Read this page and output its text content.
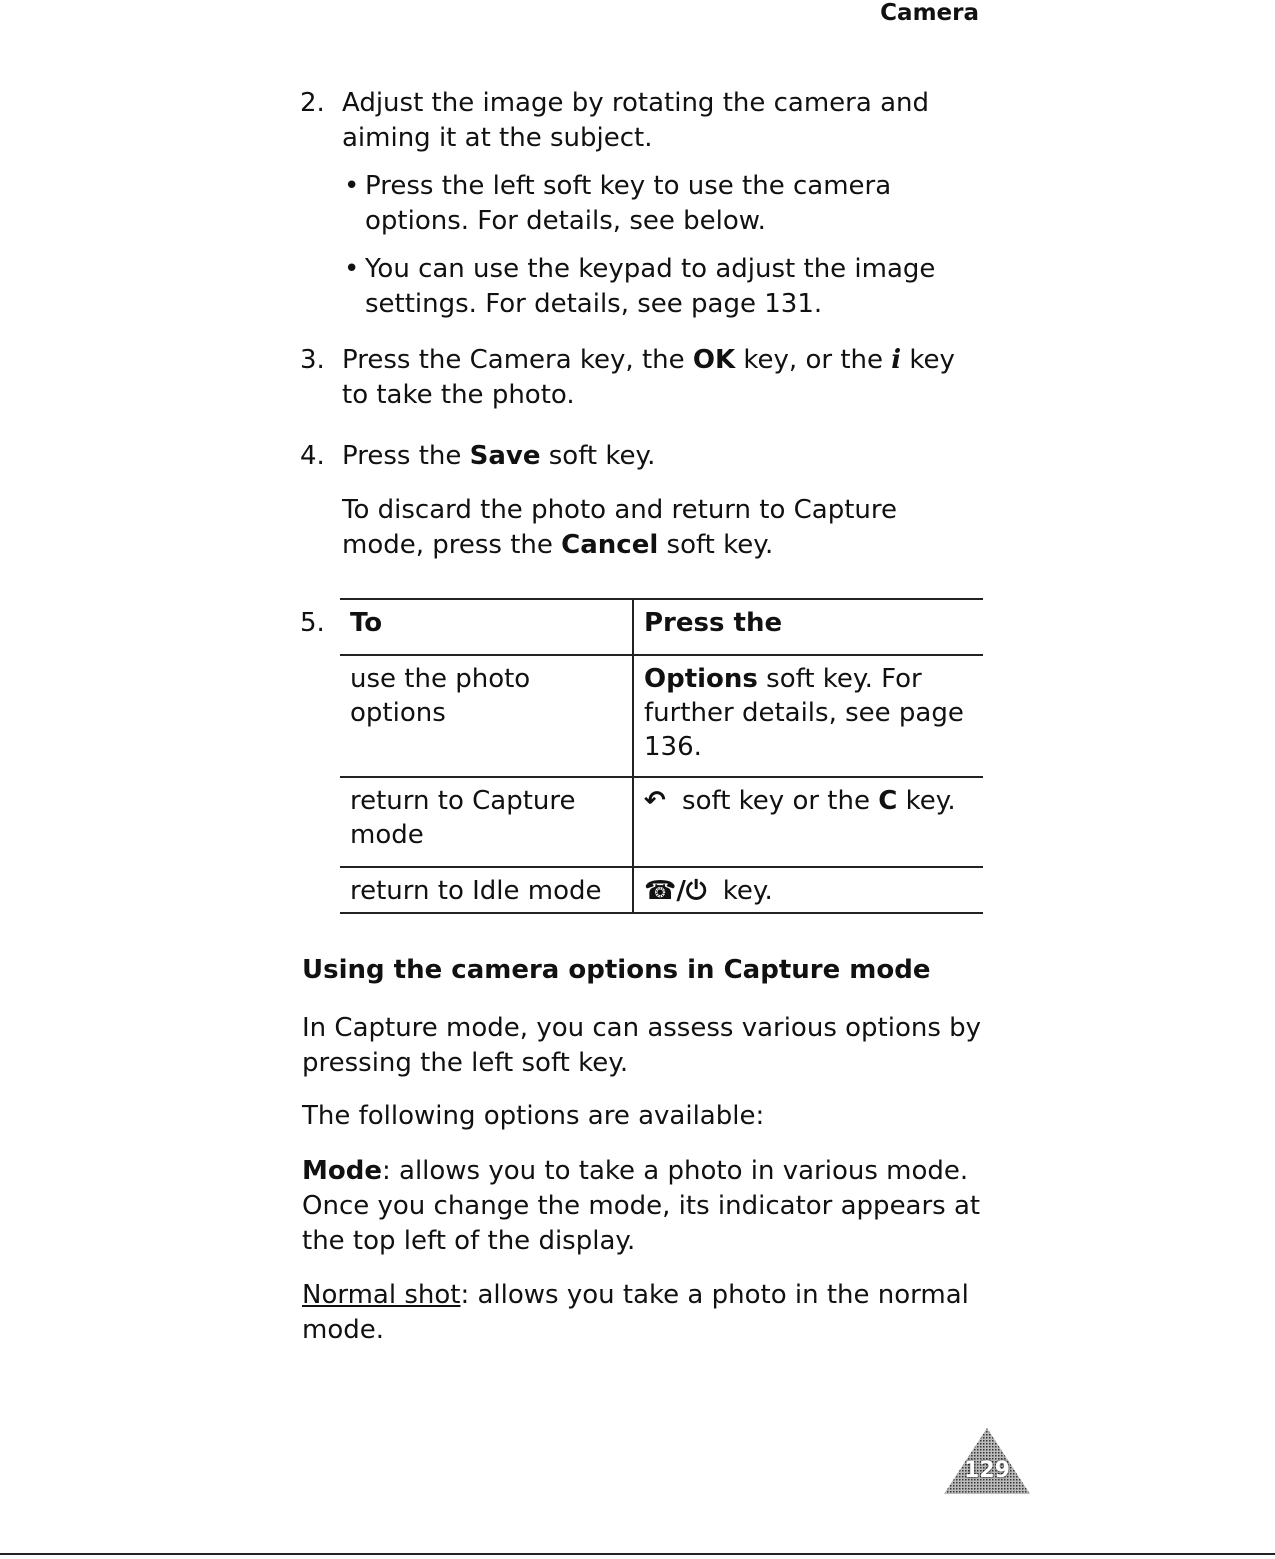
Camera
2. Adjust the image by rotating the camera and aiming it at the subject.
• Press the left soft key to use the camera options. For details, see below.
• You can use the keypad to adjust the image settings. For details, see page 131.
3. Press the Camera key, the OK key, or the i key to take the photo.
4. Press the Save soft key.
To discard the photo and return to Capture mode, press the Cancel soft key.
5. To	Press the
use the photo options	Options soft key. For further details, see page 136.
return to Capture mode	↶ soft key or the C key.
return to Idle mode	☎/⏻ key.
Using the camera options in Capture mode
In Capture mode, you can assess various options by pressing the left soft key.
The following options are available:
Mode: allows you to take a photo in various mode. Once you change the mode, its indicator appears at the top left of the display.
Normal shot: allows you take a photo in the normal mode.
129
